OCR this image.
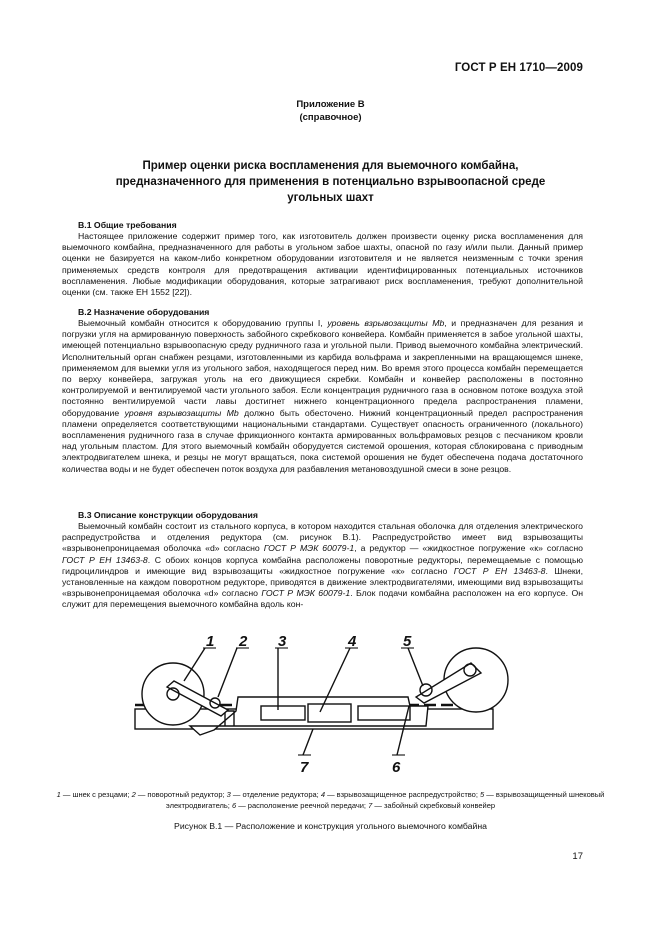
ГОСТ Р ЕН 1710—2009
Приложение В
(справочное)
Пример оценки риска воспламенения для выемочного комбайна,
предназначенного для применения в потенциально взрывоопасной среде
угольных шахт
В.1 Общие требования

Настоящее приложение содержит пример того, как изготовитель должен произвести оценку риска воспламенения для выемочного комбайна, предназначенного для работы в угольном забое шахты, опасной по газу и/или пыли. Данный пример оценки не базируется на каком-либо конкретном оборудовании изготовителя и не является неизменным с точки зрения применяемых средств контроля для предотвращения активации идентифицированных потенциальных источников воспламенения. Любые модификации оборудования, которые затрагивают риск воспламенения, требуют дополнительной оценки (см. также ЕН 1552 [22]).

В.2 Назначение оборудования

Выемочный комбайн относится к оборудованию группы I, уровень взрывозащиты Mb, и предназначен для резания и погрузки угля на армированную поверхность забойного скребкового конвейера. Комбайн применяется в забое угольной шахты, имеющей потенциально взрывоопасную среду рудничного газа и угольной пыли. Привод выемочного комбайна электрический. Исполнительный орган снабжен резцами, изготовленными из карбида вольфрама и закрепленными на вращающемся шнеке, применяемом для выемки угля из угольного забоя, находящегося перед ним. Во время этого процесса комбайн перемещается по верху конвейера, загружая уголь на его движущиеся скребки. Комбайн и конвейер расположены в постоянно контролируемой и вентилируемой части угольного забоя. Если концентрация рудничного газа в основном потоке воздуха этой постоянно вентилируемой части лавы достигнет нижнего концентрационного предела распространения пламени, оборудование уровня взрывозащиты Mb должно быть обесточено. Нижний концентрационный предел распространения пламени определяется соответствующими национальными стандартами. Существует опасность ограниченного (локального) воспламенения рудничного газа в случае фрикционного контакта армированных вольфрамовых резцов с песчаником кровли над угольным пластом. Для этого выемочный комбайн оборудуется системой орошения, которая сблокирована с приводным электродвигателем шнека, и резцы не могут вращаться, пока системой орошения не будет обеспечена подача достаточного количества воды и не будет обеспечен поток воздуха для разбавления метановоздушной смеси в зоне резцов.

В.3 Описание конструкции оборудования

Выемочный комбайн состоит из стального корпуса, в котором находится стальная оболочка для отделения электрического распредустройства и отделения редуктора (см. рисунок В.1). Распредустройство имеет вид взрывозащиты «взрывонепроницаемая оболочка «d» согласно ГОСТ Р МЭК 60079-1, а редуктор — «жидкостное погружение «к» согласно ГОСТ Р ЕН 13463-8. С обоих концов корпуса комбайна расположены поворотные редукторы, перемещаемые с помощью гидроцилиндров и имеющие вид взрывозащиты «жидкостное погружение «к» согласно ГОСТ Р ЕН 13463-8. Шнеки, установленные на каждом поворотном редукторе, приводятся в движение электродвигателями, имеющими вид взрывозащиты «взрывонепроницаемая оболочка «d» согласно ГОСТ Р МЭК 60079-1. Блок подачи комбайна расположен на его корпусе. Он служит для перемещения выемочного комбайна вдоль кон-

1 2 3	4	5
6
7
1 — шнек с резцами; 2 — поворотный редуктор; 3 — отделение редуктора; 4 — взрывозащищенное распредустройство; 5 — взрывозащищенный шнековый электродвигатель; 6 — расположение реечной передачи; 7 — забойный скребковый конвейер
Рисунок В.1 — Расположение и конструкция угольного выемочного комбайна
17
